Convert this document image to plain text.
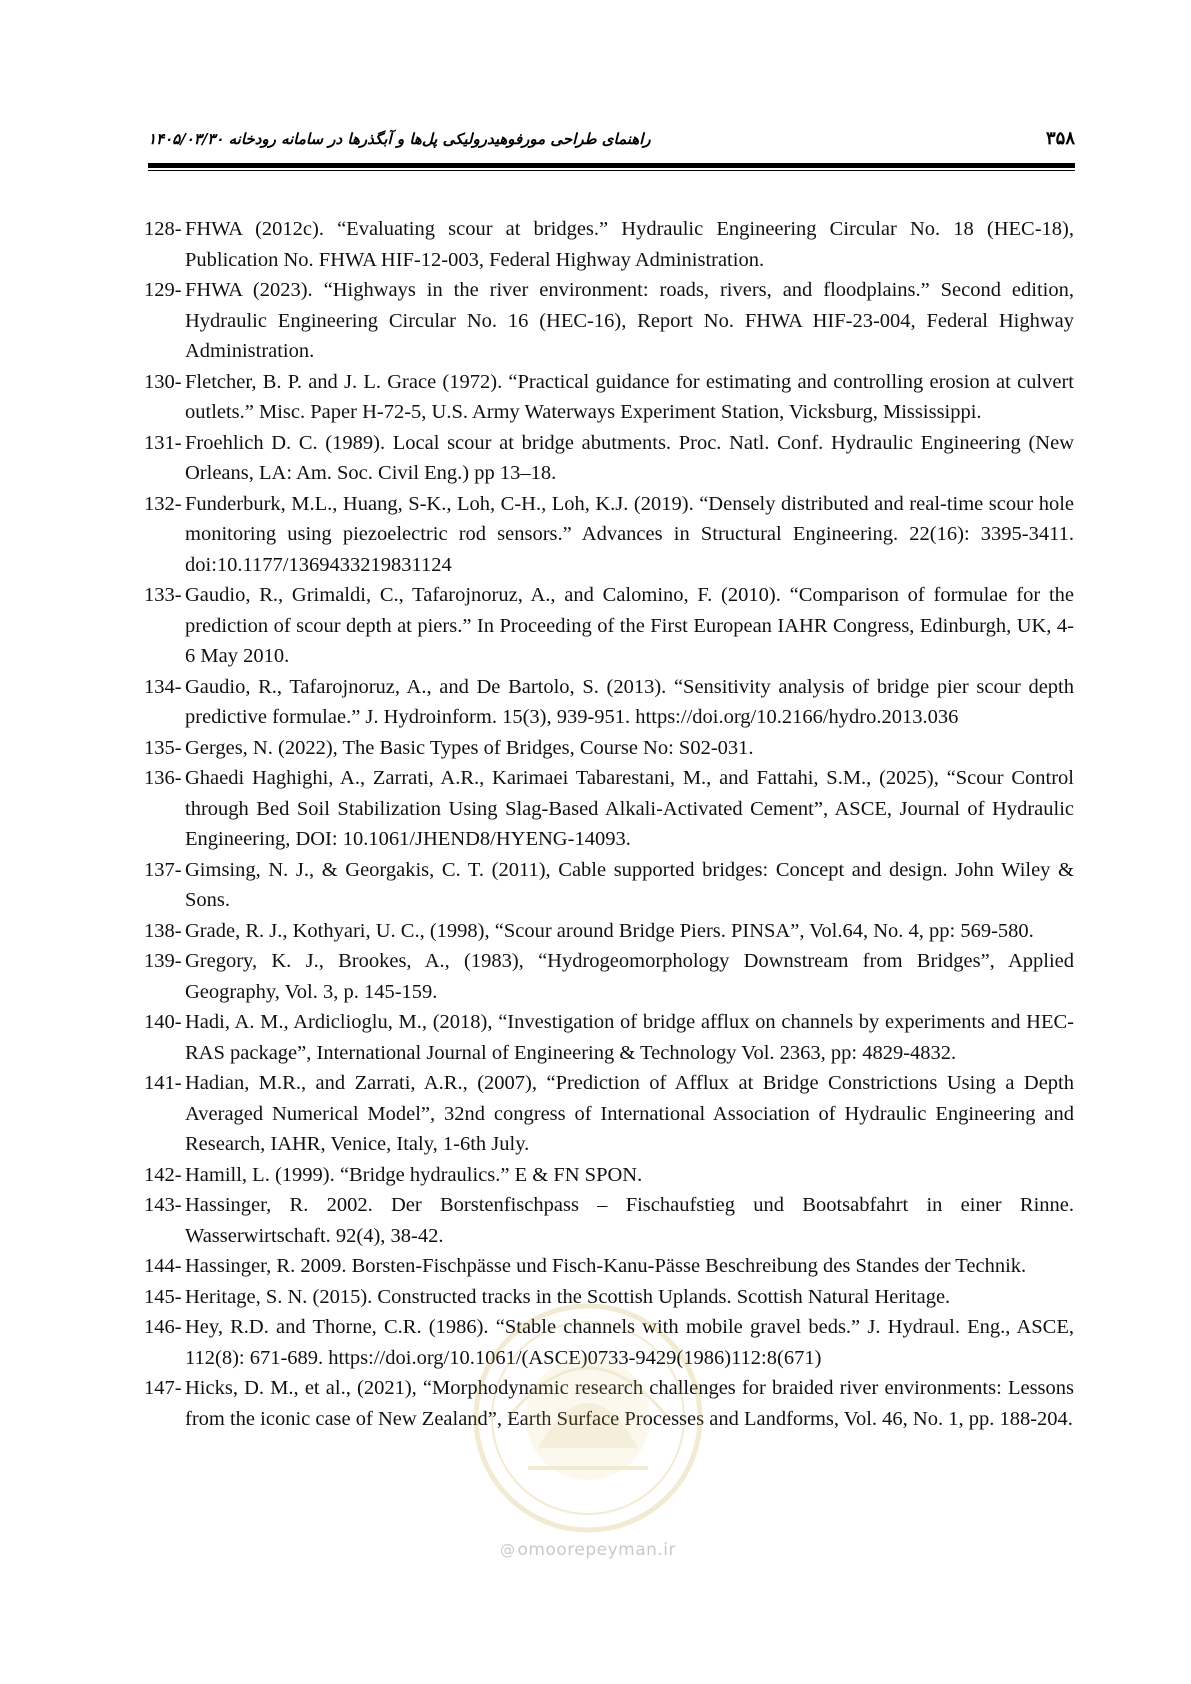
راهنمای طراحی مورفوهیدرولیکی پل‌ها و آبگذرها در سامانه رودخانه ۱۴۰۵/۰۳/۳۰	۳۵۸
128- FHWA (2012c). “Evaluating scour at bridges.” Hydraulic Engineering Circular No. 18 (HEC-18), Publication No. FHWA HIF-12-003, Federal Highway Administration.
129- FHWA (2023). “Highways in the river environment: roads, rivers, and floodplains.” Second edition, Hydraulic Engineering Circular No. 16 (HEC-16), Report No. FHWA HIF-23-004, Federal Highway Administration.
130- Fletcher, B. P. and J. L. Grace (1972). “Practical guidance for estimating and controlling erosion at culvert outlets.” Misc. Paper H-72-5, U.S. Army Waterways Experiment Station, Vicksburg, Mississippi.
131- Froehlich D. C. (1989). Local scour at bridge abutments. Proc. Natl. Conf. Hydraulic Engineering (New Orleans, LA: Am. Soc. Civil Eng.) pp 13–18.
132- Funderburk, M.L., Huang, S-K., Loh, C-H., Loh, K.J. (2019). “Densely distributed and real-time scour hole monitoring using piezoelectric rod sensors.” Advances in Structural Engineering. 22(16): 3395-3411. doi:10.1177/1369433219831124
133- Gaudio, R., Grimaldi, C., Tafarojnoruz, A., and Calomino, F. (2010). “Comparison of formulae for the prediction of scour depth at piers.” In Proceeding of the First European IAHR Congress, Edinburgh, UK, 4-6 May 2010.
134- Gaudio, R., Tafarojnoruz, A., and De Bartolo, S. (2013). “Sensitivity analysis of bridge pier scour depth predictive formulae.” J. Hydroinform. 15(3), 939-951. https://doi.org/10.2166/hydro.2013.036
135- Gerges, N. (2022), The Basic Types of Bridges, Course No: S02-031.
136- Ghaedi Haghighi, A., Zarrati, A.R., Karimaei Tabarestani, M., and Fattahi, S.M., (2025), “Scour Control through Bed Soil Stabilization Using Slag-Based Alkali-Activated Cement”, ASCE, Journal of Hydraulic Engineering, DOI: 10.1061/JHEND8/HYENG-14093.
137- Gimsing, N. J., & Georgakis, C. T. (2011), Cable supported bridges: Concept and design. John Wiley & Sons.
138- Grade, R. J., Kothyari, U. C., (1998), “Scour around Bridge Piers. PINSA”, Vol.64, No. 4, pp: 569-580.
139- Gregory, K. J., Brookes, A., (1983), “Hydrogeomorphology Downstream from Bridges”, Applied Geography, Vol. 3, p. 145-159.
140- Hadi, A. M., Ardiclioglu, M., (2018), “Investigation of bridge afflux on channels by experiments and HEC-RAS package”, International Journal of Engineering & Technology Vol. 2363, pp: 4829-4832.
141- Hadian, M.R., and Zarrati, A.R., (2007), “Prediction of Afflux at Bridge Constrictions Using a Depth Averaged Numerical Model”, 32nd congress of International Association of Hydraulic Engineering and Research, IAHR, Venice, Italy, 1-6th July.
142- Hamill, L. (1999). “Bridge hydraulics.” E & FN SPON.
143- Hassinger, R. 2002. Der Borstenfischpass – Fischaufstieg und Bootsabfahrt in einer Rinne. Wasserwirtschaft. 92(4), 38-42.
144- Hassinger, R. 2009. Borsten-Fischpässe und Fisch-Kanu-Pässe Beschreibung des Standes der Technik.
145- Heritage, S. N. (2015). Constructed tracks in the Scottish Uplands. Scottish Natural Heritage.
146- Hey, R.D. and Thorne, C.R. (1986). “Stable channels with mobile gravel beds.” J. Hydraul. Eng., ASCE, 112(8): 671-689. https://doi.org/10.1061/(ASCE)0733-9429(1986)112:8(671)
147- Hicks, D. M., et al., (2021), “Morphodynamic research challenges for braided river environments: Lessons from the iconic case of New Zealand”, Earth Surface Processes and Landforms, Vol. 46, No. 1, pp. 188-204.
@ omoorepeyman.ir
